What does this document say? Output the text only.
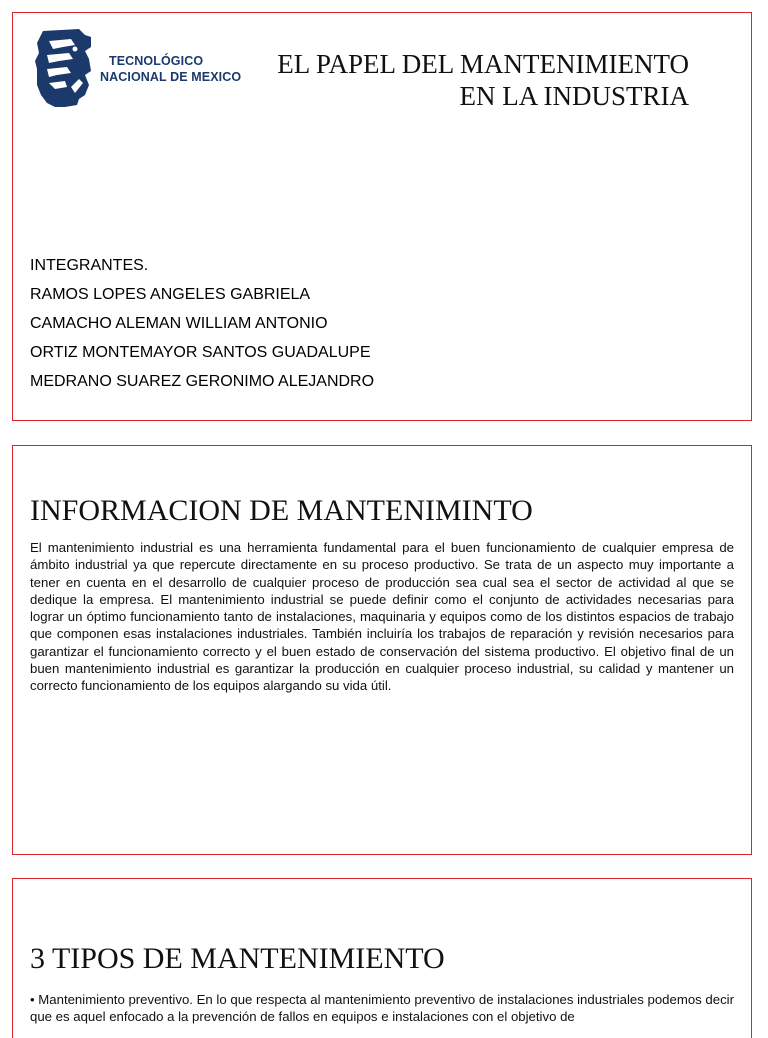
TECNOLÓGICO
NACIONAL DE MEXICO EL PAPEL DEL MANTENIMIENTO
EN LA INDUSTRIA
INTEGRANTES.
RAMOS LOPES ANGELES GABRIELA
CAMACHO ALEMAN WILLIAM ANTONIO
ORTIZ MONTEMAYOR SANTOS GUADALUPE
MEDRANO SUAREZ GERONIMO ALEJANDRO
INFORMACION DE MANTENIMINTO
El mantenimiento industrial es una herramienta fundamental para el buen funcionamiento de cualquier empresa de ámbito industrial ya que repercute directamente en su proceso productivo. Se trata de un aspecto muy importante a tener en cuenta en el desarrollo de cualquier proceso de producción sea cual sea el sector de actividad al que se dedique la empresa. El mantenimiento industrial se puede definir como el conjunto de actividades necesarias para lograr un óptimo funcionamiento tanto de instalaciones, maquinaria y equipos como de los distintos espacios de trabajo que componen esas instalaciones industriales. También incluiría los trabajos de reparación y revisión necesarios para garantizar el funcionamiento correcto y el buen estado de conservación del sistema productivo. El objetivo final de un buen mantenimiento industrial es garantizar la producción en cualquier proceso industrial, su calidad y mantener un correcto funcionamiento de los equipos alargando su vida útil.
3 TIPOS DE MANTENIMIENTO
• Mantenimiento preventivo. En lo que respecta al mantenimiento preventivo de instalaciones industriales podemos decir que es aquel enfocado a la prevención de fallos en equipos e instalaciones con el objetivo de
